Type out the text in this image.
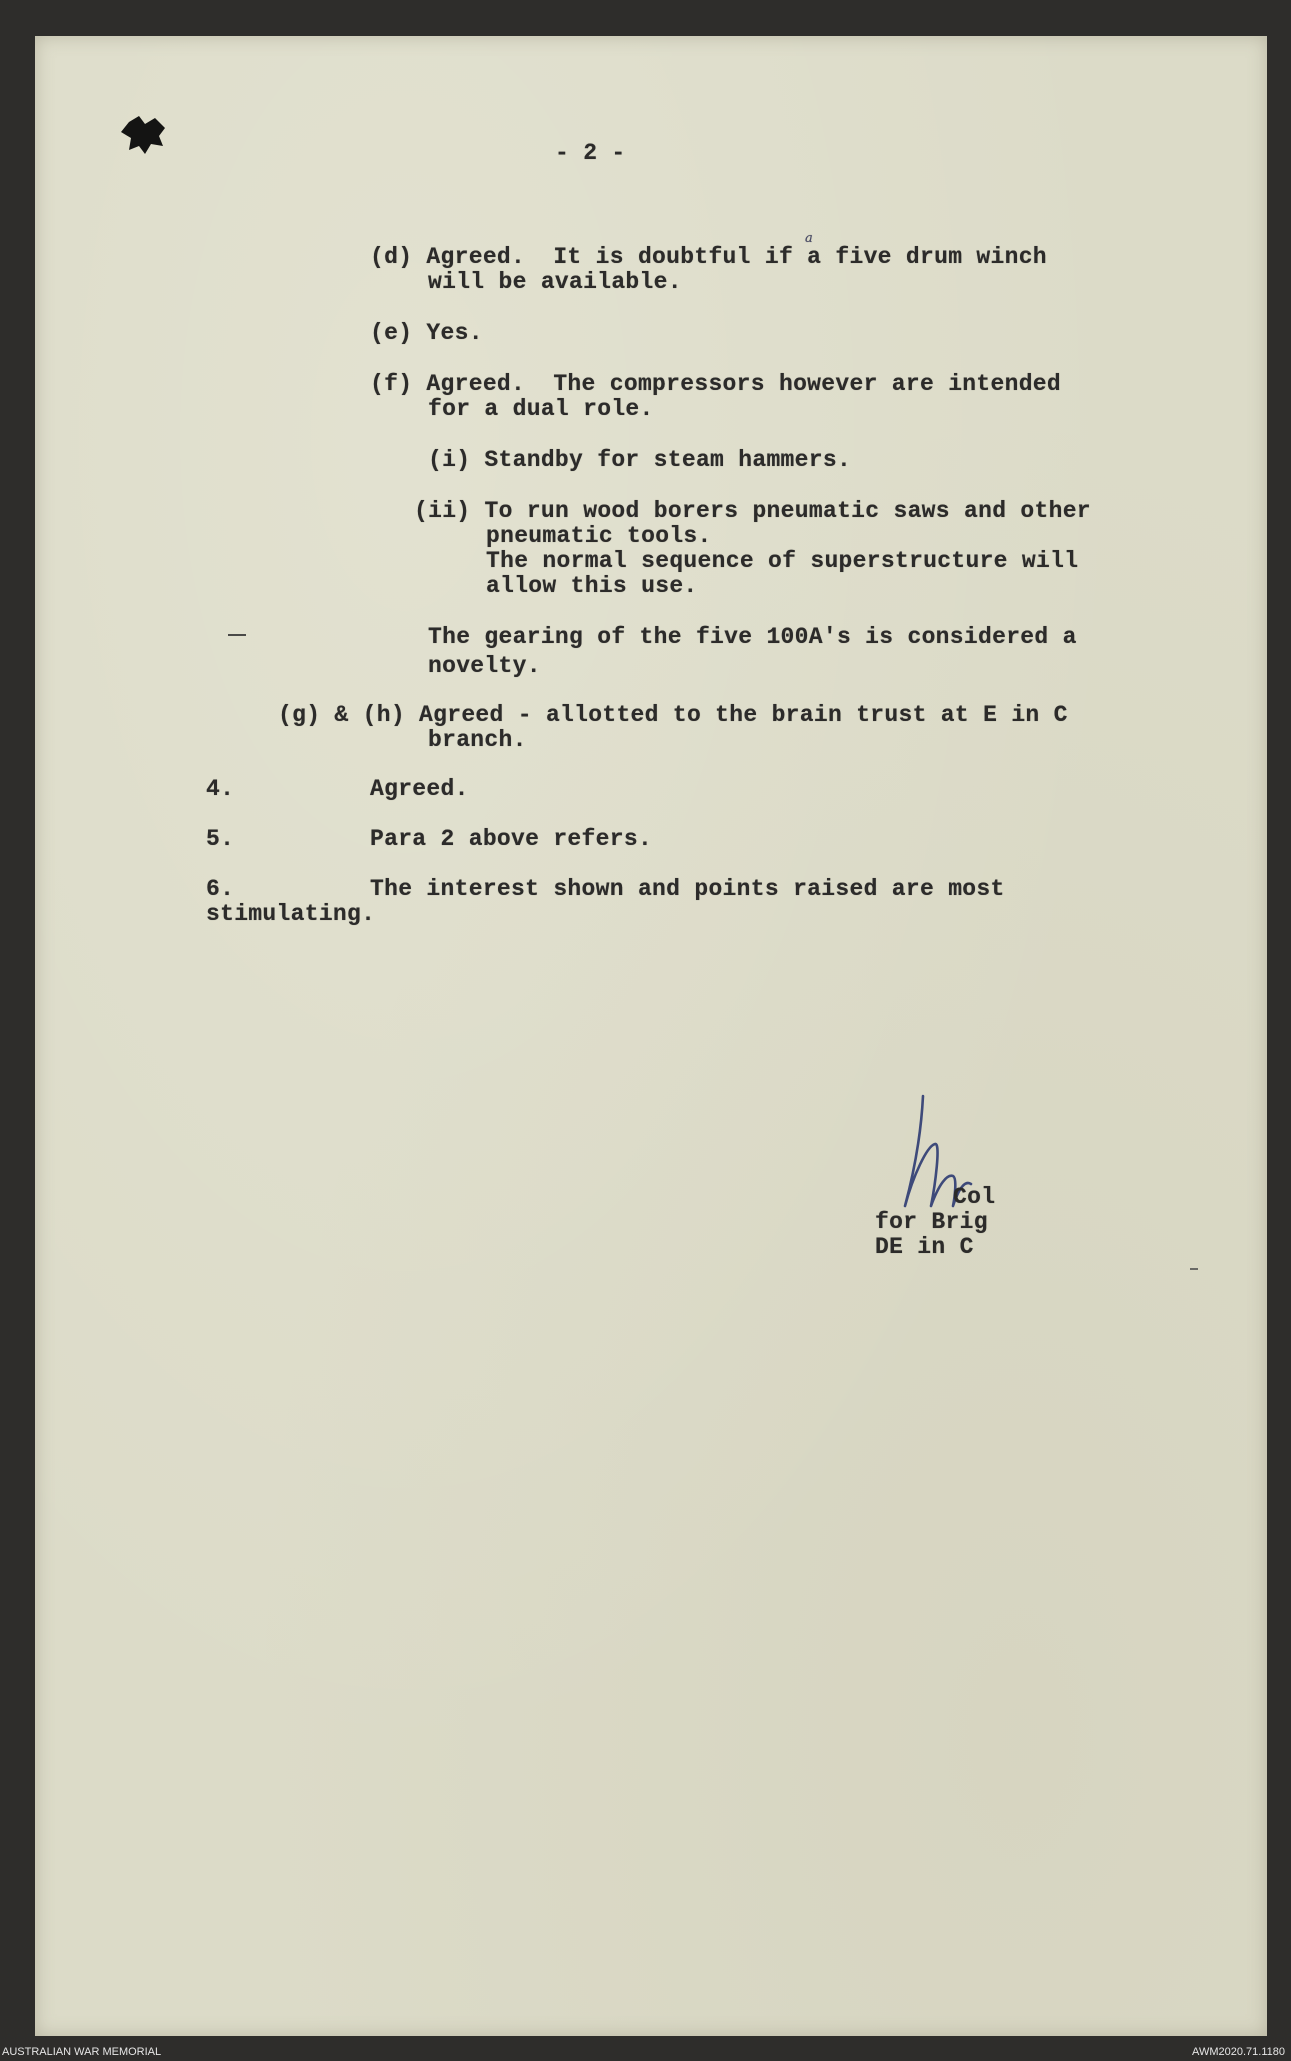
- 2 -
(d) Agreed.  It is doubtful if a five drum winch
a
will be available.
(e) Yes.
(f) Agreed.  The compressors however are intended
for a dual role.
(i) Standby for steam hammers.
(ii) To run wood borers pneumatic saws and other
pneumatic tools.
The normal sequence of superstructure will
allow this use.
The gearing of the five 100A's is considered a
novelty.
(g) & (h) Agreed - allotted to the brain trust at E in C
branch.
4.	Agreed.
5.	Para 2 above refers.
6.	The interest shown and points raised are most
stimulating.
Col
for Brig
DE in C
AUSTRALIAN WAR MEMORIAL	AWM2020.71.1180
